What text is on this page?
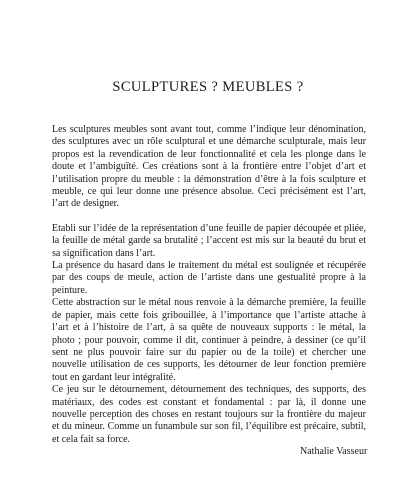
SCULPTURES ? MEUBLES ?

Les sculptures meubles sont avant tout, comme l’indique leur dénomination, des sculptures avec un rôle sculptural et une démarche sculpturale, mais leur propos est la revendication de leur fonctionnalité et cela les plonge dans le doute et l’ambiguïté. Ces créations sont à la frontière entre l’objet d’art et l’utilisation propre du meuble : la démonstration d’être à la fois sculpture et meuble, ce qui leur donne une présence absolue. Ceci précisément est l’art, l’art de designer.

Etabli sur l’idée de la représentation d’une feuille de papier découpée et pliée, la feuille de métal garde sa brutalité ; l’accent est mis sur la beauté du brut et sa signification dans l’art.

La présence du hasard dans le traitement du métal est soulignée et récupérée par des coups de meule, action de l’artiste dans une gestualité propre à la peinture.

Cette abstraction sur le métal nous renvoie à la démarche première, la feuille de papier, mais cette fois gribouillée, à l’importance que l’artiste attache à l’art et à l’histoire de l’art, à sa quête de nouveaux supports : le métal, la photo ; pour pouvoir, comme il dit, continuer à peindre, à dessiner (ce qu’il sent ne plus pouvoir faire sur du papier ou de la toile) et chercher une nouvelle utilisation de ces supports, les détourner de leur fonction première tout en gardant leur intégralité.

Ce jeu sur le détournement, détournement des techniques, des supports, des matériaux, des codes est constant et fondamental : par là, il donne une nouvelle perception des choses en restant toujours sur la frontière du majeur et du mineur. Comme un funambule sur son fil, l’équilibre est précaire, subtil, et cela fait sa force.

Nathalie Vasseur
